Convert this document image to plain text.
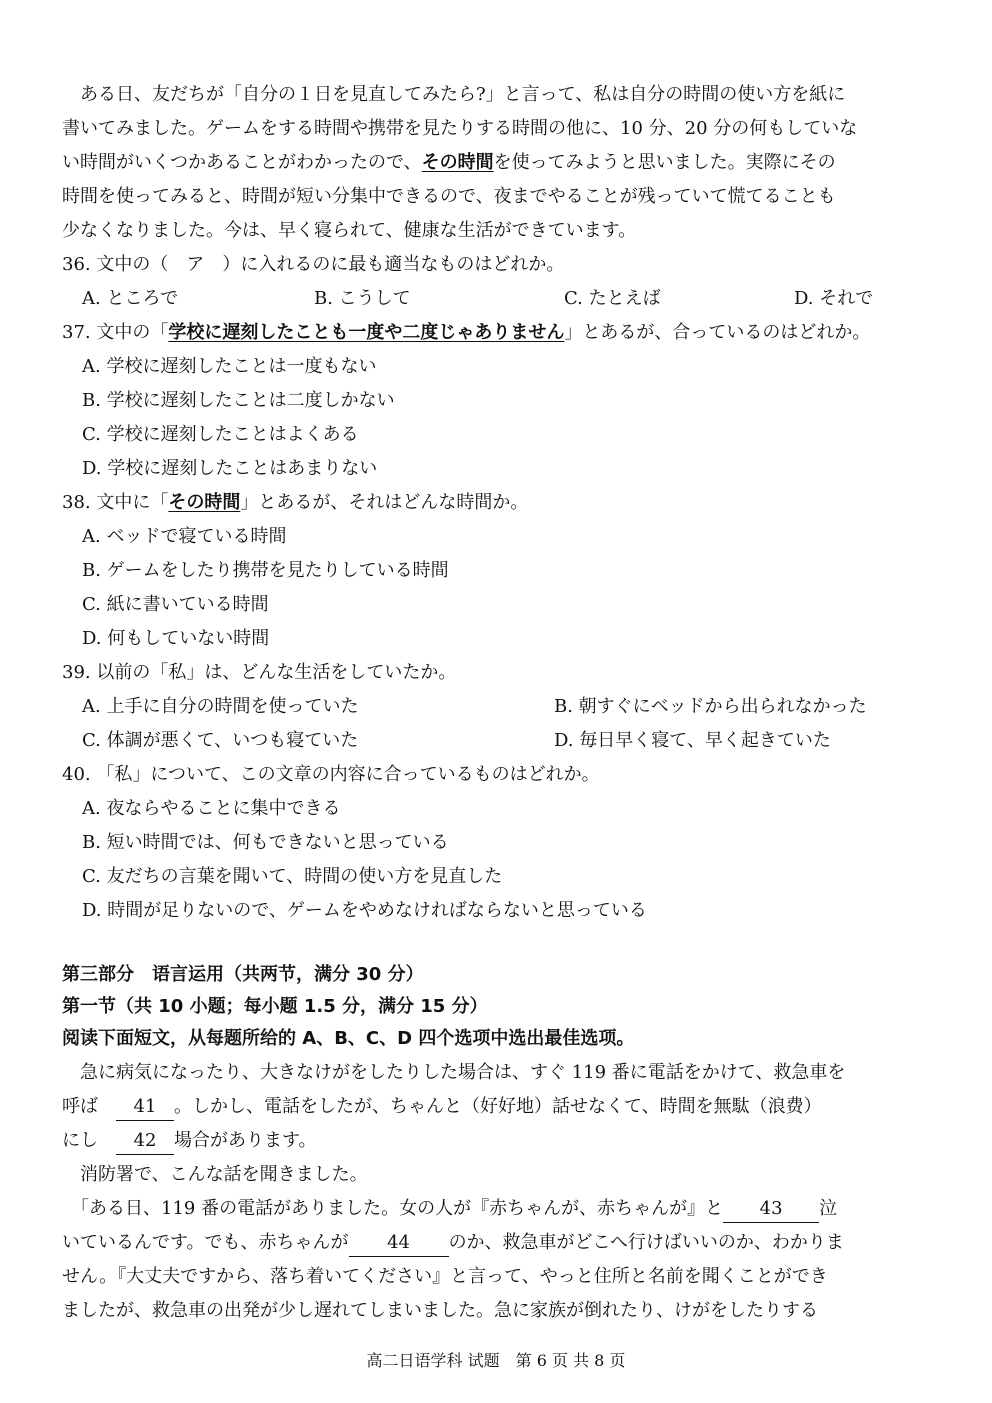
　ある日、友だちが「自分の１日を見直してみたら?」と言って、私は自分の時間の使い方を紙に
書いてみました。ゲームをする時間や携帯を見たりする時間の他に、10 分、20 分の何もしていな
い時間がいくつかあることがわかったので、その時間を使ってみようと思いました。実際にその
時間を使ってみると、時間が短い分集中できるので、夜までやることが残っていて慌てることも
少なくなりました。今は、早く寝られて、健康な生活ができています。
36. 文中の（　ア　）に入れるのに最も適当なものはどれか。
A. ところで	B. こうして	C. たとえば	D. それで
37. 文中の「学校に遅刻したことも一度や二度じゃありません」とあるが、合っているのはどれか。
A. 学校に遅刻したことは一度もない
B. 学校に遅刻したことは二度しかない
C. 学校に遅刻したことはよくある
D. 学校に遅刻したことはあまりない
38. 文中に「その時間」とあるが、それはどんな時間か。
A. ベッドで寝ている時間
B. ゲームをしたり携帯を見たりしている時間
C. 紙に書いている時間
D. 何もしていない時間
39. 以前の「私」は、どんな生活をしていたか。
A. 上手に自分の時間を使っていた	B. 朝すぐにベッドから出られなかった
C. 体調が悪くて、いつも寝ていた	D. 毎日早く寝て、早く起きていた
40. 「私」について、この文章の内容に合っているものはどれか。
A. 夜ならやることに集中できる
B. 短い時間では、何もできないと思っている
C. 友だちの言葉を聞いて、時間の使い方を見直した
D. 時間が足りないので、ゲームをやめなければならないと思っている
第三部分　语言运用（共两节，满分 30 分）
第一节（共 10 小题；每小题 1.5 分，满分 15 分）
阅读下面短文，从每题所给的 A、B、C、D 四个选项中选出最佳选项。
　急に病気になったり、大きなけがをしたりした場合は、すぐ 119 番に電話をかけて、救急車を
呼ば　41 。しかし、電話をしたが、ちゃんと（好好地）話せなくて、時間を無駄（浪费）
にし　42 場合があります。
　消防署で、こんな話を聞きました。
　「ある日、119 番の電話がありました。女の人が『赤ちゃんが、赤ちゃんが』と 43 泣
いているんです。でも、赤ちゃんが 44 のか、救急車がどこへ行けばいいのか、わかりま
せん。『大丈夫ですから、落ち着いてください』と言って、やっと住所と名前を聞くことができ
ましたが、救急車の出発が少し遅れてしまいました。急に家族が倒れたり、けがをしたりする
高二日语学科 试题　第 6 页 共 8 页
